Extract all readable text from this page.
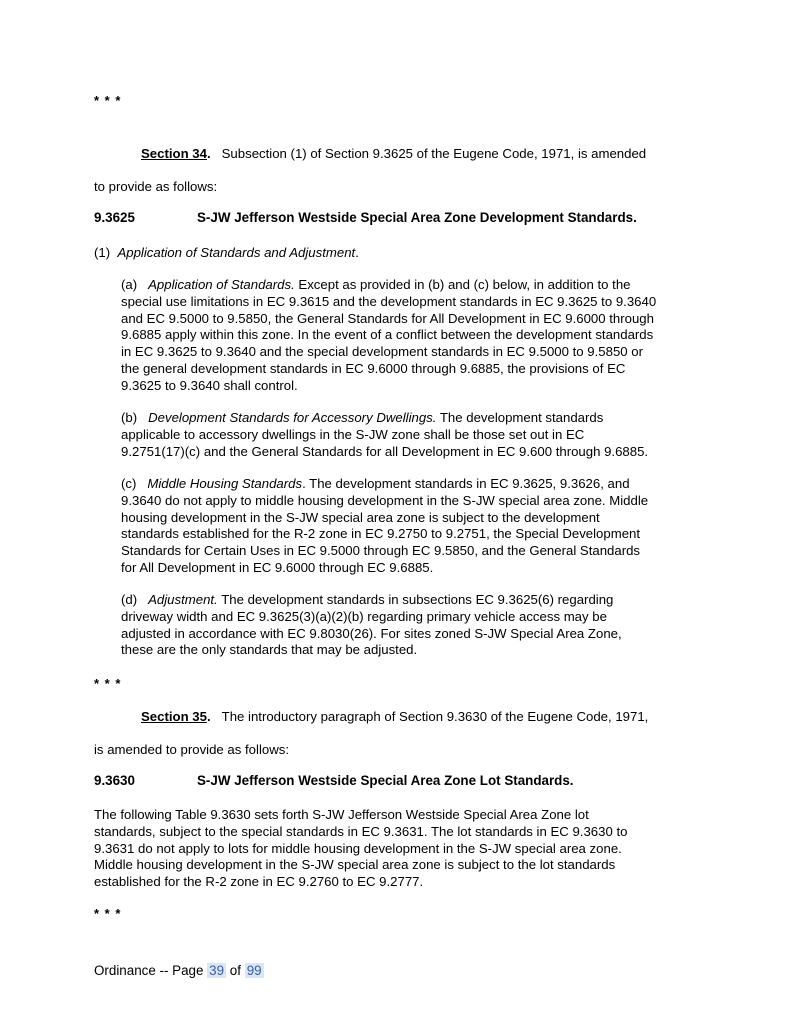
* * *
Section 34. Subsection (1) of Section 9.3625 of the Eugene Code, 1971, is amended
to provide as follows:
9.3625	S-JW Jefferson Westside Special Area Zone Development Standards.
(1) Application of Standards and Adjustment.
(a) Application of Standards. Except as provided in (b) and (c) below, in addition to the
special use limitations in EC 9.3615 and the development standards in EC 9.3625 to 9.3640
and EC 9.5000 to 9.5850, the General Standards for All Development in EC 9.6000 through
9.6885 apply within this zone. In the event of a conflict between the development standards
in EC 9.3625 to 9.3640 and the special development standards in EC 9.5000 to 9.5850 or
the general development standards in EC 9.6000 through 9.6885, the provisions of EC
9.3625 to 9.3640 shall control.
(b) Development Standards for Accessory Dwellings. The development standards
applicable to accessory dwellings in the S-JW zone shall be those set out in EC
9.2751(17)(c) and the General Standards for all Development in EC 9.600 through 9.6885.
(c) Middle Housing Standards. The development standards in EC 9.3625, 9.3626, and
9.3640 do not apply to middle housing development in the S-JW special area zone. Middle
housing development in the S-JW special area zone is subject to the development
standards established for the R-2 zone in EC 9.2750 to 9.2751, the Special Development
Standards for Certain Uses in EC 9.5000 through EC 9.5850, and the General Standards
for All Development in EC 9.6000 through EC 9.6885.
(d) Adjustment. The development standards in subsections EC 9.3625(6) regarding
driveway width and EC 9.3625(3)(a)(2)(b) regarding primary vehicle access may be
adjusted in accordance with EC 9.8030(26). For sites zoned S-JW Special Area Zone,
these are the only standards that may be adjusted.
* * *
Section 35. The introductory paragraph of Section 9.3630 of the Eugene Code, 1971,
is amended to provide as follows:
9.3630	S-JW Jefferson Westside Special Area Zone Lot Standards.
The following Table 9.3630 sets forth S-JW Jefferson Westside Special Area Zone lot
standards, subject to the special standards in EC 9.3631. The lot standards in EC 9.3630 to
9.3631 do not apply to lots for middle housing development in the S-JW special area zone.
Middle housing development in the S-JW special area zone is subject to the lot standards
established for the R-2 zone in EC 9.2760 to EC 9.2777.
* * *
Ordinance -- Page 39 of 99
